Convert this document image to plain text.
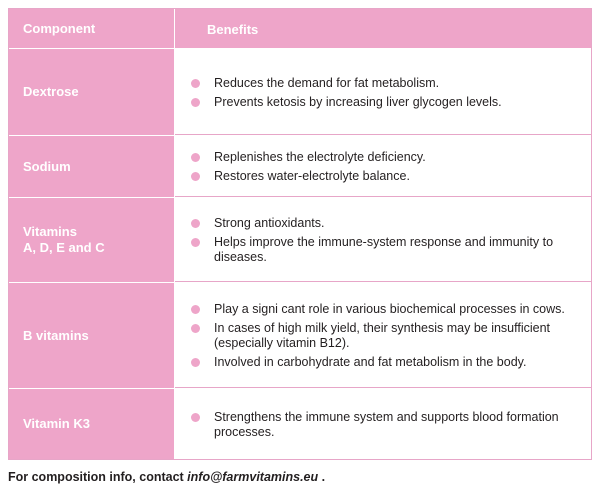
Component	Benefits
Dextrose
Reduces the demand for fat metabolism.
Prevents ketosis by increasing liver glycogen levels.
Sodium
Replenishes the electrolyte deficiency.
Restores water-electrolyte balance.
Vitamins
A, D, E and C
Strong antioxidants.
Helps improve the immune-system response and immunity to diseases.
B vitamins
Play a signi cant role in various biochemical processes in cows.
In cases of high milk yield, their synthesis may be insufficient (especially vitamin B12).
Involved in carbohydrate and fat metabolism in the body.
Vitamin K3	Strengthens the immune system and supports blood formation processes.
For composition info, contact info@farmvitamins.eu .
